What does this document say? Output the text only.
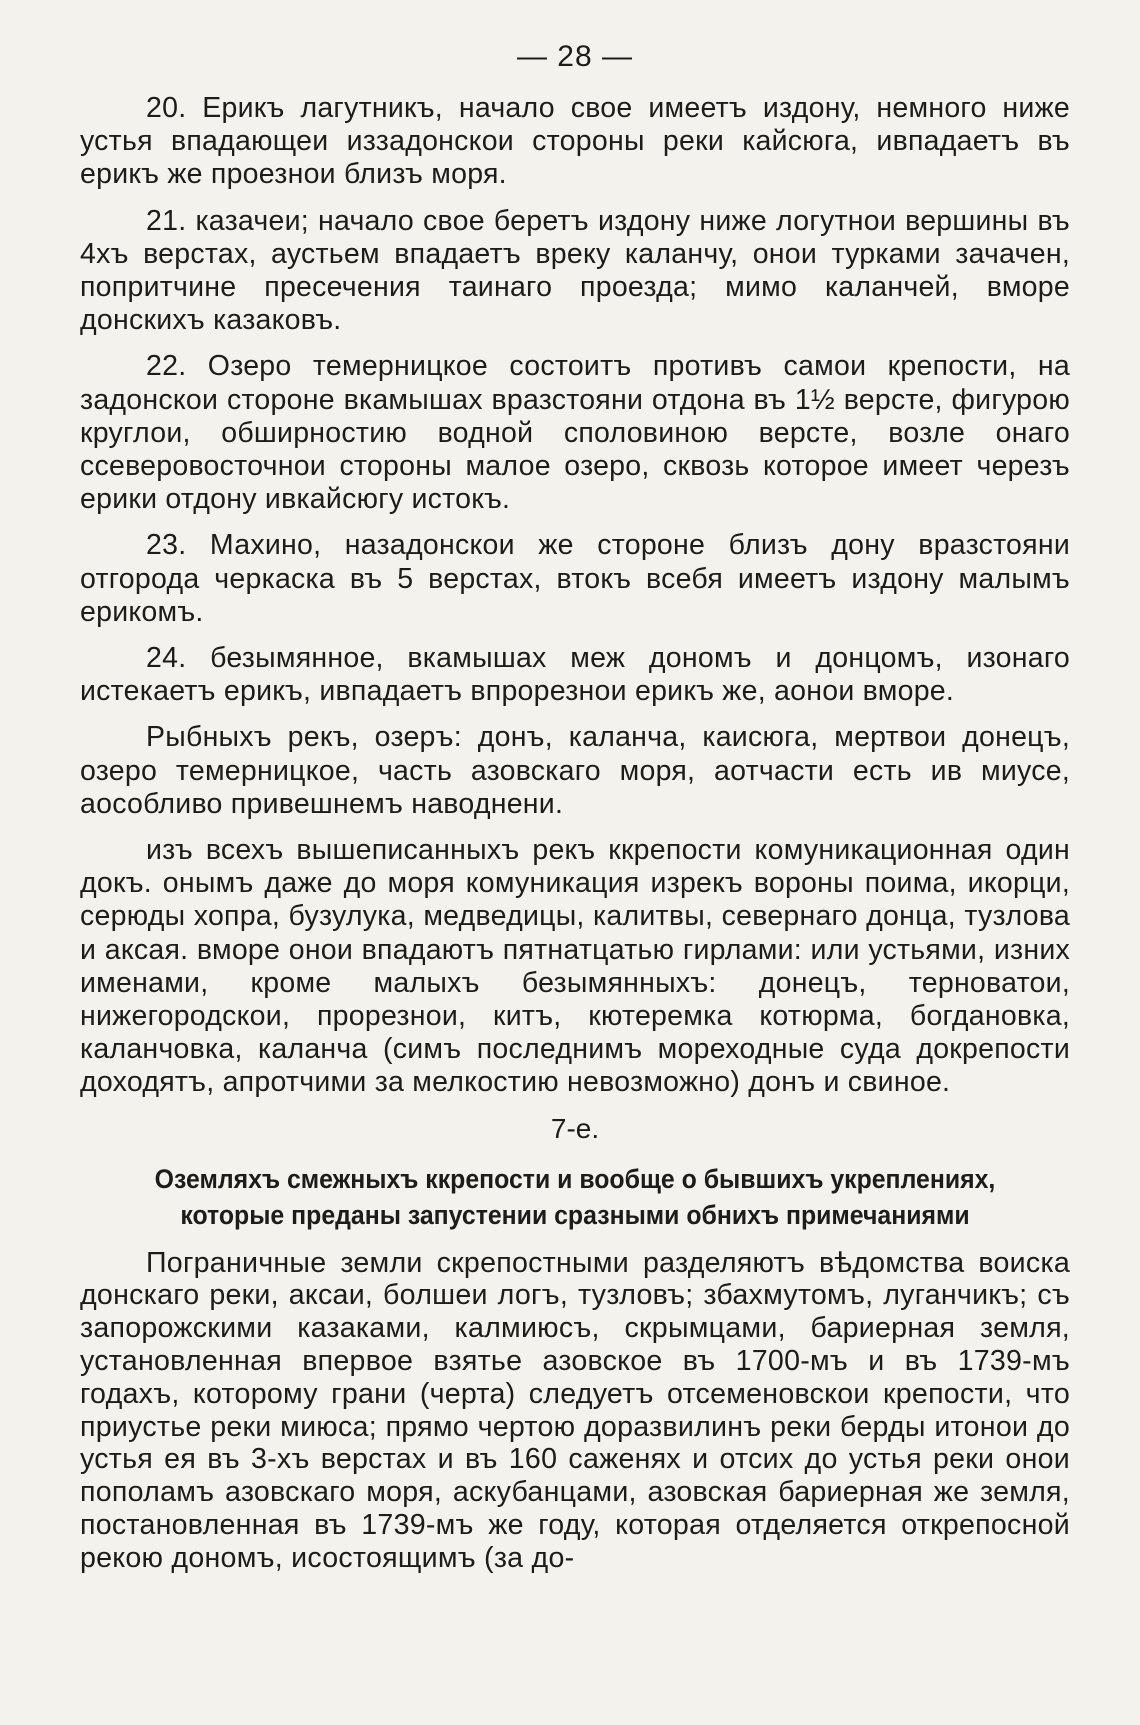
— 28 —

20. Ерикъ лагутникъ, начало свое имеетъ издону, немного ниже устья впадающеи иззадонскои стороны реки кайсюга, ивпадаетъ въ ерикъ же проезнои близъ моря.

21. казачеи; начало свое беретъ издону ниже логутнои вершины въ 4хъ верстах, аустьем впадаетъ вреку каланчу, онои турками зачачен, попритчине пресечения таинаго проезда; мимо каланчей, вморе донскихъ казаковъ.

22. Озеро темерницкое состоитъ противъ самои крепости, на задонскои стороне вкамышах вразстояни отдона въ 1½ версте, фигурою круглои, обширностию водной споловиною версте, возле онаго ссеверовосточнои стороны малое озеро, сквозь которое имеет черезъ ерики отдону ивкайсюгу истокъ.

23. Махино, назадонскои же стороне близъ дону вразстояни отгорода черкаска въ 5 верстах, втокъ всебя имеетъ издону малымъ ерикомъ.

24. безымянное, вкамышах меж дономъ и донцомъ, изонаго истекаетъ ерикъ, ивпадаетъ впрорезнои ерикъ же, аонои вморе.

Рыбныхъ рекъ, озеръ: донъ, каланча, каисюга, мертвои донецъ, озеро темерницкое, часть азовскаго моря, аотчасти есть ив миусе, аособливо привешнемъ наводнени.

изъ всехъ вышеписанныхъ рекъ ккрепости комуникационная один докъ. онымъ даже до моря комуникация изрекъ вороны поима, икорци, серюды хопра, бузулука, медведицы, калитвы, севернаго донца, тузлова и аксая. вморе онои впадаютъ пятнатцатью гирлами: или устьями, изних именами, кроме малыхъ безымянныхъ: донецъ, терноватои, нижегородскои, прорезнои, китъ, кютеремка котюрма, богдановка, каланчовка, каланча (симъ последнимъ мореходные суда докрепости доходятъ, апротчими за мелкостию невозможно) донъ и свиное.

7-е.
Оземляхъ смежныхъ ккрепости и вообще о бывшихъ укреплениях,
которые преданы запустении сразными обнихъ примечаниями

Пограничные земли скрепостными разделяютъ вѣдомства воиска донскаго реки, аксаи, болшеи логъ, тузловъ; збахмутомъ, луганчикъ; съ запорожскими казаками, калмиюсъ, скрымцами, бариерная земля, установленная впервое взятье азовское въ 1700-мъ и въ 1739-мъ годахъ, которому грани (черта) следуетъ отсемeновскои крепости, что приустье реки миюса; прямо чертою доразвилинъ реки берды итонои до устья ея въ 3-хъ верстах и въ 160 саженях и отсих до устья реки онои пополамъ азовскаго моря, аскубанцами, азовская бариерная же земля, постановленная въ 1739-мъ же году, которая отделяется открепосной рекою дономъ, исостоящимъ (за до-
